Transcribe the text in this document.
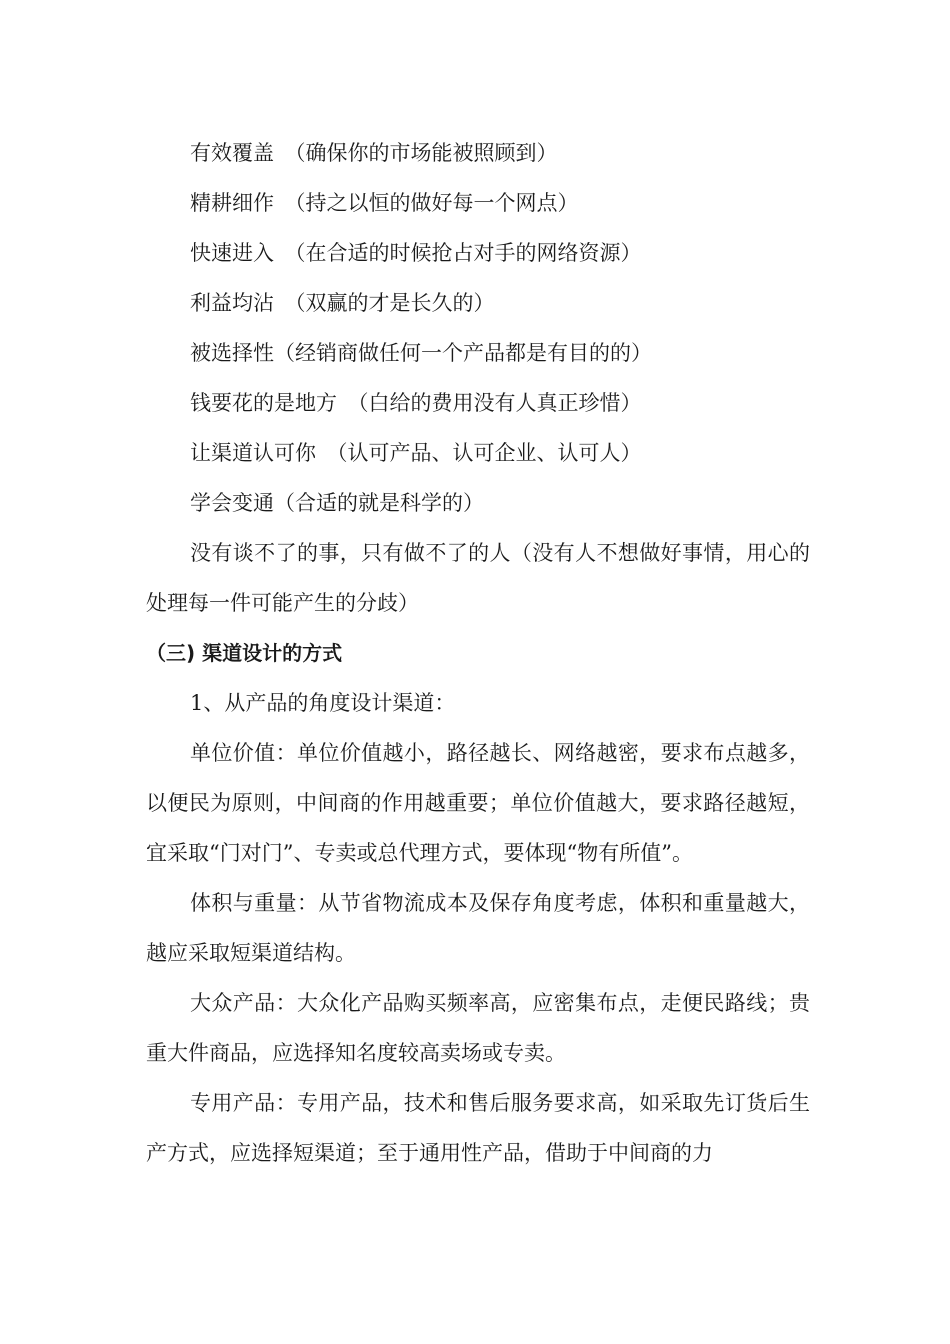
有效覆盖　（确保你的市场能被照顾到）

精耕细作　（持之以恒的做好每一个网点）

快速进入　（在合适的时候抢占对手的网络资源）

利益均沾　（双赢的才是长久的）

被选择性（经销商做任何一个产品都是有目的的）

钱要花的是地方　（白给的费用没有人真正珍惜）

让渠道认可你　（认可产品、认可企业、认可人）

学会变通（合适的就是科学的）

没有谈不了的事，只有做不了的人（没有人不想做好事情，用心的处理每一件可能产生的分歧）

（三) 渠道设计的方式

1、从产品的角度设计渠道：

单位价值：单位价值越小，路径越长、网络越密，要求布点越多，以便民为原则，中间商的作用越重要；单位价值越大，要求路径越短，宜采取“门对门”、专卖或总代理方式，要体现“物有所值”。

体积与重量：从节省物流成本及保存角度考虑，体积和重量越大，越应采取短渠道结构。

大众产品：大众化产品购买频率高，应密集布点，走便民路线；贵重大件商品，应选择知名度较高卖场或专卖。

专用产品：专用产品，技术和售后服务要求高，如采取先订货后生产方式，应选择短渠道；至于通用性产品，借助于中间商的力
